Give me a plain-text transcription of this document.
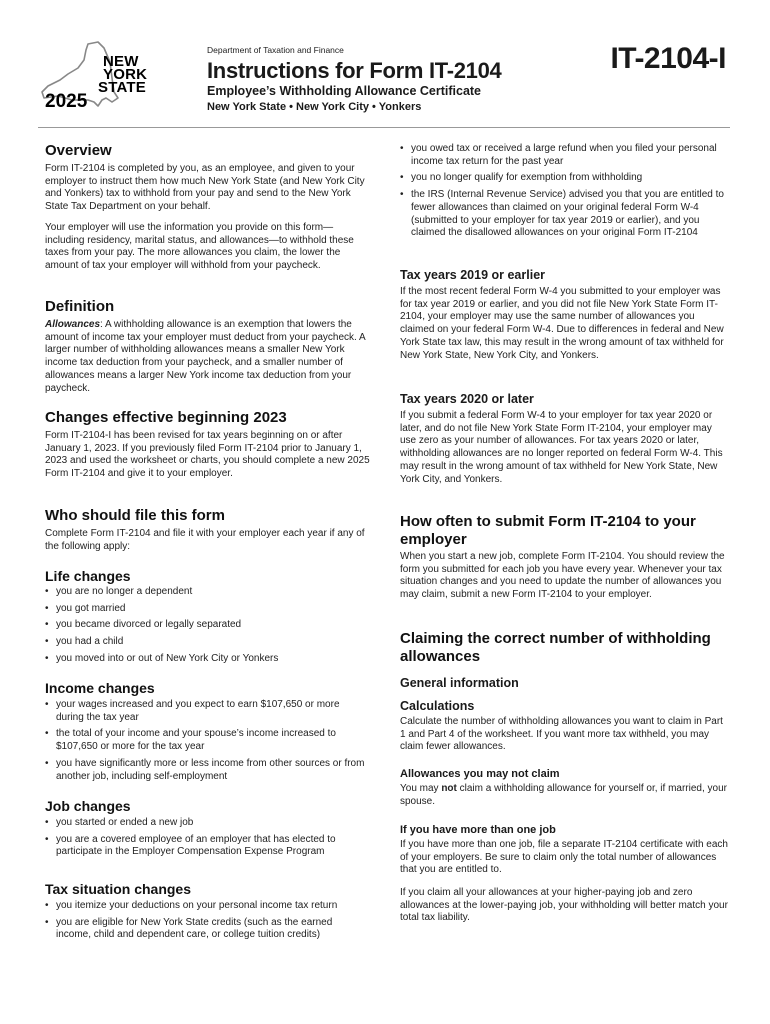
NEW
YORK
STATE
2025
Department of Taxation and Finance
Instructions for Form IT-2104
Employee’s Withholding Allowance Certificate
New York State • New York City • Yonkers
IT-2104-I
Overview
Form IT-2104 is completed by you, as an employee, and given to your employer to instruct them how much New York State (and New York City and Yonkers) tax to withhold from your pay and send to the New York State Tax Department on your behalf.
Your employer will use the information you provide on this form—including residency, marital status, and allowances—to withhold these taxes from your pay. The more allowances you claim, the lower the amount of tax your employer will withhold from your paycheck.
Definition
Allowances: A withholding allowance is an exemption that lowers the amount of income tax your employer must deduct from your paycheck. A larger number of withholding allowances means a smaller New York income tax deduction from your paycheck, and a smaller number of allowances means a larger New York income tax deduction from your paycheck.
Changes effective beginning 2023
Form IT-2104-I has been revised for tax years beginning on or after January 1, 2023. If you previously filed Form IT-2104 prior to January 1, 2023 and used the worksheet or charts, you should complete a new 2025 Form IT-2104 and give it to your employer.
Who should file this form
Complete Form IT-2104 and file it with your employer each year if any of the following apply:
Life changes
• you are no longer a dependent
• you got married
• you became divorced or legally separated
• you had a child
• you moved into or out of New York City or Yonkers
Income changes
• your wages increased and you expect to earn $107,650 or more during the tax year
• the total of your income and your spouse’s income increased to $107,650 or more for the tax year
• you have significantly more or less income from other sources or from another job, including self-employment
Job changes
• you started or ended a new job
• you are a covered employee of an employer that has elected to participate in the Employer Compensation Expense Program
Tax situation changes
• you itemize your deductions on your personal income tax return
• you are eligible for New York State credits (such as the earned income, child and dependent care, or college tuition credits)
• you owed tax or received a large refund when you filed your personal income tax return for the past year
• you no longer qualify for exemption from withholding
• the IRS (Internal Revenue Service) advised you that you are entitled to fewer allowances than claimed on your original federal Form W-4 (submitted to your employer for tax year 2019 or earlier), and you claimed the disallowed allowances on your original Form IT-2104
Tax years 2019 or earlier
If the most recent federal Form W-4 you submitted to your employer was for tax year 2019 or earlier, and you did not file New York State Form IT-2104, your employer may use the same number of allowances you claimed on your federal Form W-4. Due to differences in federal and New York State tax law, this may result in the wrong amount of tax withheld for New York State, New York City, and Yonkers.
Tax years 2020 or later
If you submit a federal Form W-4 to your employer for tax year 2020 or later, and do not file New York State Form IT-2104, your employer may use zero as your number of allowances. For tax years 2020 or later, withholding allowances are no longer reported on federal Form W-4. This may result in the wrong amount of tax withheld for New York State, New York City, and Yonkers.
How often to submit Form IT-2104 to your employer
When you start a new job, complete Form IT-2104. You should review the form you submitted for each job you have every year. Whenever your tax situation changes and you need to update the number of allowances you may claim, submit a new Form IT-2104 to your employer.
Claiming the correct number of withholding allowances
General information
Calculations
Calculate the number of withholding allowances you want to claim in Part 1 and Part 4 of the worksheet. If you want more tax withheld, you may claim fewer allowances.
Allowances you may not claim
You may not claim a withholding allowance for yourself or, if married, your spouse.
If you have more than one job
If you have more than one job, file a separate IT-2104 certificate with each of your employers. Be sure to claim only the total number of allowances that you are entitled to.
If you claim all your allowances at your higher-paying job and zero allowances at the lower-paying job, your withholding will better match your total tax liability.
